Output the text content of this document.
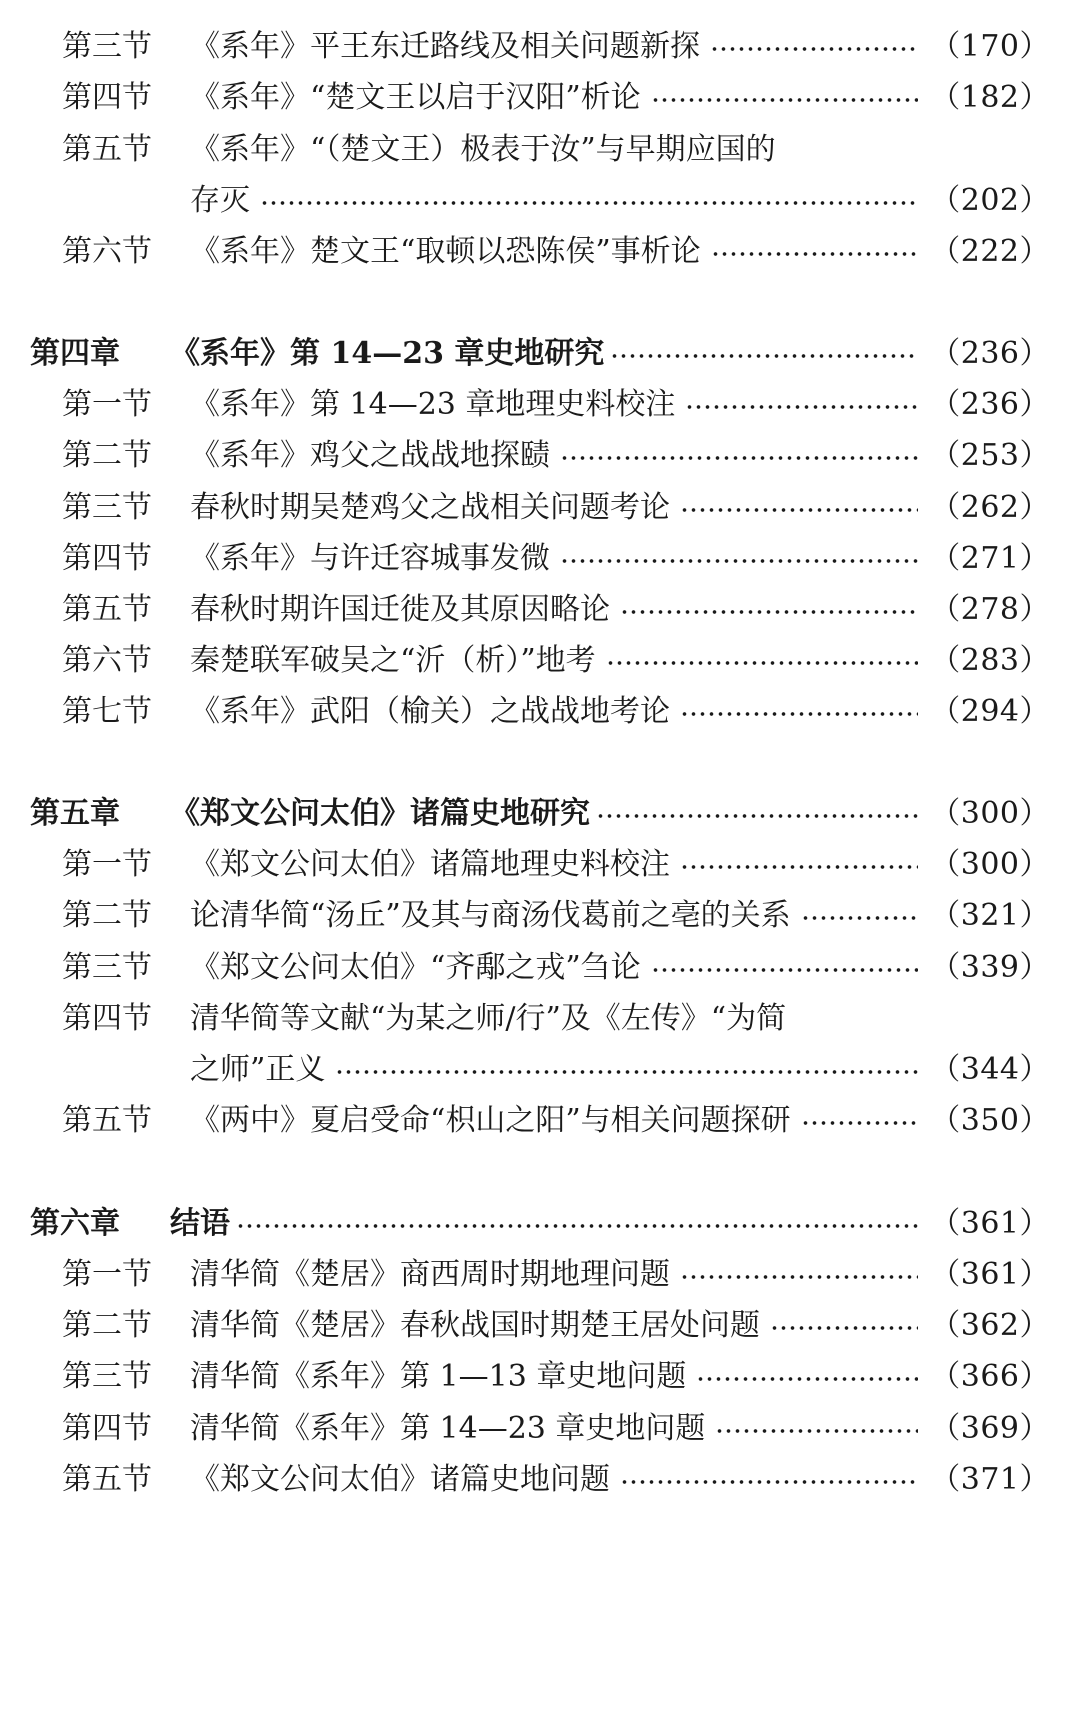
第三节	《系年》平王东迁路线及相关问题新探	（170）
第四节	《系年》“楚文王以启于汉阳”析论	（182）
第五节	《系年》“（楚文王）极表于汝”与早期应国的
存灭	（202）
第六节	《系年》楚文王“取顿以恐陈侯”事析论	（222）
第四章	《系年》第 14—23 章史地研究	（236）
第一节	《系年》第 14—23 章地理史料校注	（236）
第二节	《系年》鸡父之战战地探赜	（253）
第三节	春秋时期吴楚鸡父之战相关问题考论	（262）
第四节	《系年》与许迁容城事发微	（271）
第五节	春秋时期许国迁徙及其原因略论	（278）
第六节	秦楚联军破吴之“沂（析）”地考	（283）
第七节	《系年》武阳（榆关）之战战地考论	（294）
第五章	《郑文公问太伯》诸篇史地研究	（300）
第一节	《郑文公问太伯》诸篇地理史料校注	（300）
第二节	论清华简“汤丘”及其与商汤伐葛前之亳的关系	（321）
第三节	《郑文公问太伯》“齐鄅之戎”刍论	（339）
第四节	清华简等文献“为某之师/行”及《左传》“为简
之师”正义	（344）
第五节	《两中》夏启受命“枳山之阳”与相关问题探研	（350）
第六章	结语	（361）
第一节	清华简《楚居》商西周时期地理问题	（361）
第二节	清华简《楚居》春秋战国时期楚王居处问题	（362）
第三节	清华简《系年》第 1—13 章史地问题	（366）
第四节	清华简《系年》第 14—23 章史地问题	（369）
第五节	《郑文公问太伯》诸篇史地问题	（371）
